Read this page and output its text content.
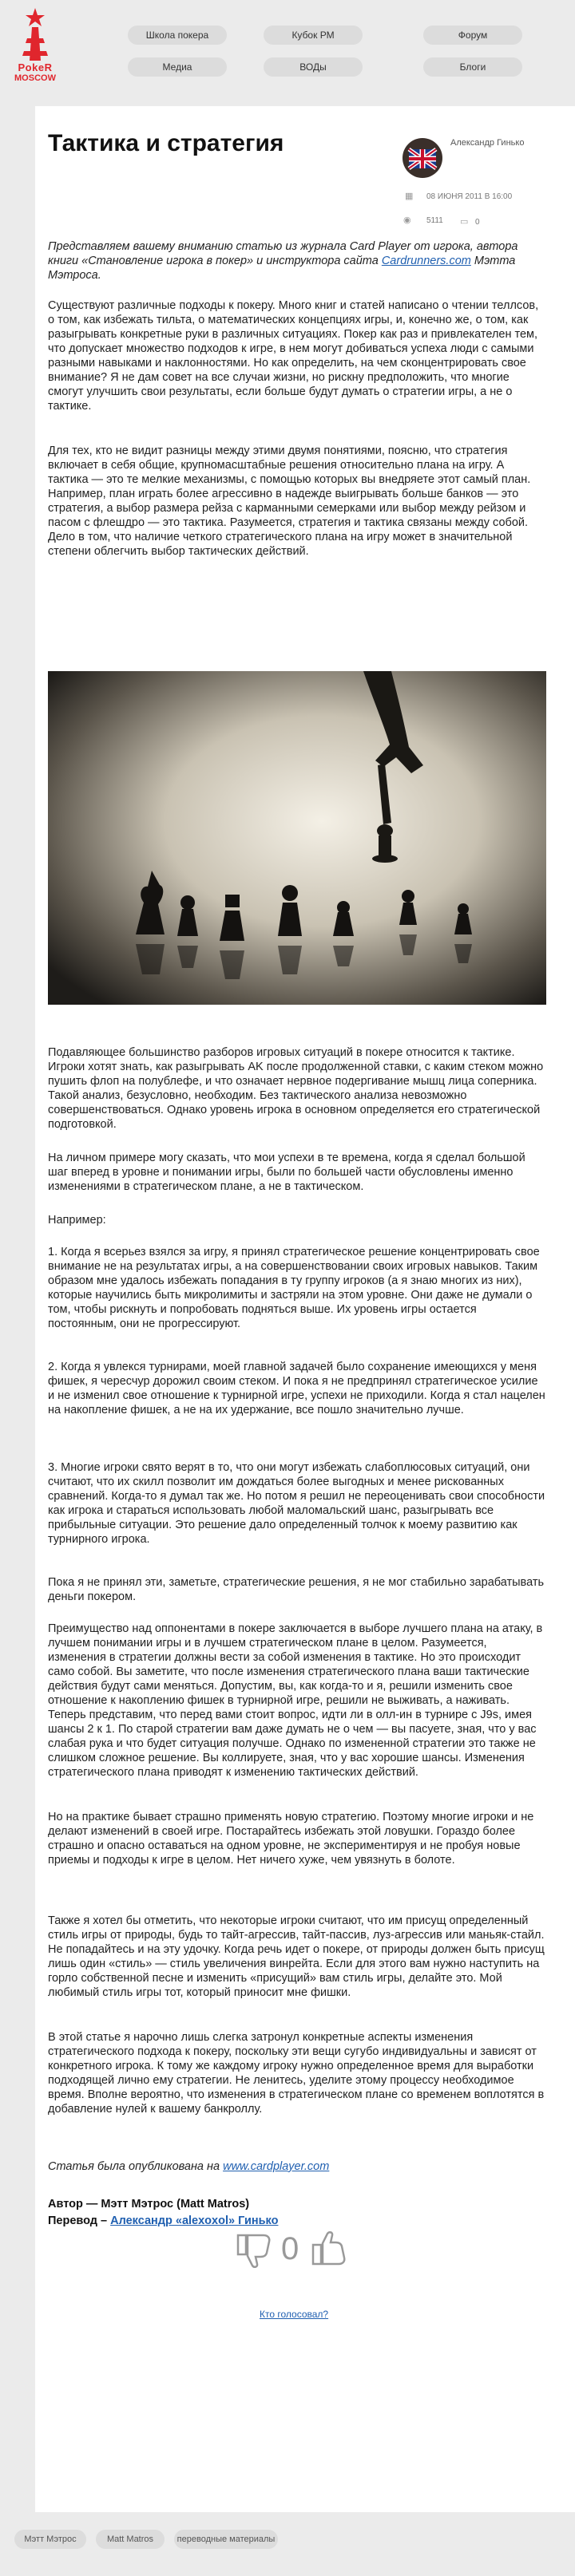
PokeR
MOSCOW
Школа покера	Кубок РМ	Форум
Медиа	ВОДы	Блоги
Тактика и стратегия	Александр Гинько
▦ 08 ИЮНЯ 2011 В 16:00
◉ 5111 ▭ 0
Представляем вашему вниманию статью из журнала Card Player от игрока, автора книги «Становление игрока в покер» и инструктора сайта Cardrunners.com Мэтта Мэтроса.

Существуют различные подходы к покеру. Много книг и статей написано о чтении теллсов, о том, как избежать тильта, о математических концепциях игры, и, конечно же, о том, как разыгрывать конкретные руки в различных ситуациях. Покер как раз и привлекателен тем, что допускает множество подходов к игре, в нем могут добиваться успеха люди с самыми разными навыками и наклонностями. Но как определить, на чем сконцентрировать свое внимание? Я не дам совет на все случаи жизни, но рискну предположить, что многие смогут улучшить свои результаты, если больше будут думать о стратегии игры, а не о тактике.

Для тех, кто не видит разницы между этими двумя понятиями, поясню, что стратегия включает в себя общие, крупномасштабные решения относительно плана на игру. А тактика — это те мелкие механизмы, с помощью которых вы внедряете этот самый план. Например, план играть более агрессивно в надежде выигрывать больше банков — это стратегия, а выбор размера рейза с карманными семерками или выбор между рейзом и пасом с флешдро — это тактика. Разумеется, стратегия и тактика связаны между собой. Дело в том, что наличие четкого стратегического плана на игру может в значительной степени облегчить выбор тактических действий.

Подавляющее большинство разборов игровых ситуаций в покере относится к тактике. Игроки хотят знать, как разыгрывать AK после продолженной ставки, с каким стеком можно пушить флоп на полублефе, и что означает нервное подергивание мышц лица соперника. Такой анализ, безусловно, необходим. Без тактического анализа невозможно совершенствоваться. Однако уровень игрока в основном определяется его стратегической подготовкой.

На личном примере могу сказать, что мои успехи в те времена, когда я сделал большой шаг вперед в уровне и понимании игры, были по большей части обусловлены именно изменениями в стратегическом плане, а не в тактическом.

Например:

1. Когда я всерьез взялся за игру, я принял стратегическое решение концентрировать свое внимание не на результатах игры, а на совершенствовании своих игровых навыков. Таким образом мне удалось избежать попадания в ту группу игроков (а я знаю многих из них), которые научились быть микролимиты и застряли на этом уровне. Они даже не думали о том, чтобы рискнуть и попробовать подняться выше. Их уровень игры остается постоянным, они не прогрессируют.

2. Когда я увлекся турнирами, моей главной задачей было сохранение имеющихся у меня фишек, я чересчур дорожил своим стеком. И пока я не предпринял стратегическое усилие и не изменил свое отношение к турнирной игре, успехи не приходили. Когда я стал нацелен на накопление фишек, а не на их удержание, все пошло значительно лучше.

3. Многие игроки свято верят в то, что они могут избежать слабоплюсовых ситуаций, они считают, что их скилл позволит им дождаться более выгодных и менее рискованных сравнений. Когда-то я думал так же. Но потом я решил не переоценивать свои способности как игрока и стараться использовать любой маломальский шанс, разыгрывать все прибыльные ситуации. Это решение дало определенный толчок к моему развитию как турнирного игрока.

Пока я не принял эти, заметьте, стратегические решения, я не мог стабильно зарабатывать деньги покером.

Преимущество над оппонентами в покере заключается в выборе лучшего плана на атаку, в лучшем понимании игры и в лучшем стратегическом плане в целом. Разумеется, изменения в стратегии должны вести за собой изменения в тактике. Но это происходит само собой. Вы заметите, что после изменения стратегического плана ваши тактические действия будут сами меняться. Допустим, вы, как когда-то и я, решили изменить свое отношение к накоплению фишек в турнирной игре, решили не выживать, а наживать. Теперь представим, что перед вами стоит вопрос, идти ли в олл-ин в турнире с J9s, имея шансы 2 к 1. По старой стратегии вам даже думать не о чем — вы пасуете, зная, что у вас слабая рука и что будет ситуация получше. Однако по измененной стратегии это также не слишком сложное решение. Вы коллируете, зная, что у вас хорошие шансы. Изменения стратегического плана приводят к изменению тактических действий.

Но на практике бывает страшно применять новую стратегию. Поэтому многие игроки и не делают изменений в своей игре. Постарайтесь избежать этой ловушки. Гораздо более страшно и опасно оставаться на одном уровне, не экспериментируя и не пробуя новые приемы и подходы к игре в целом. Нет ничего хуже, чем увязнуть в болоте.

Также я хотел бы отметить, что некоторые игроки считают, что им присущ определенный стиль игры от природы, будь то тайт-агрессив, тайт-пассив, луз-агрессив или маньяк-стайл. Не попадайтесь и на эту удочку. Когда речь идет о покере, от природы должен быть присущ лишь один «стиль» — стиль увеличения винрейта. Если для этого вам нужно наступить на горло собственной песне и изменить «присущий» вам стиль игры, делайте это. Мой любимый стиль игры тот, который приносит мне фишки.

В этой статье я нарочно лишь слегка затронул конкретные аспекты изменения стратегического подхода к покеру, поскольку эти вещи сугубо индивидуальны и зависят от конкретного игрока. К тому же каждому игроку нужно определенное время для выработки подходящей лично ему стратегии. Не ленитесь, уделите этому процессу необходимое время. Вполне вероятно, что изменения в стратегическом плане со временем воплотятся в добавление нулей к вашему банкроллу.

Статья была опубликована на www.cardplayer.com
Автор — Мэтт Мэтрос (Matt Matros)
Перевод – Александр «alexoxol» Гинько
0
Кто голосовал?
Мэтт Мэтрос	Matt Matros	переводные материалы
